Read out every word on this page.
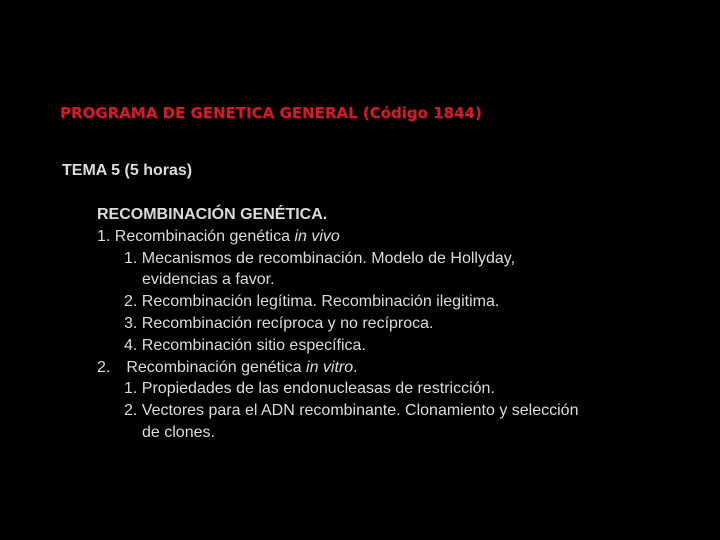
PROGRAMA DE GENETICA GENERAL (Código 1844)
TEMA 5 (5 horas)
RECOMBINACIÓN GENÉTICA.
1. Recombinación genética in vivo
1. Mecanismos de recombinación. Modelo de Hollyday,
evidencias a favor.
2. Recombinación legítima. Recombinación ilegitima.
3. Recombinación recíproca y no recíproca.
4. Recombinación sitio específica.
2. Recombinación genética in vitro.
1. Propiedades de las endonucleasas de restricción.
2. Vectores para el ADN recombinante. Clonamiento y selección
de clones.
